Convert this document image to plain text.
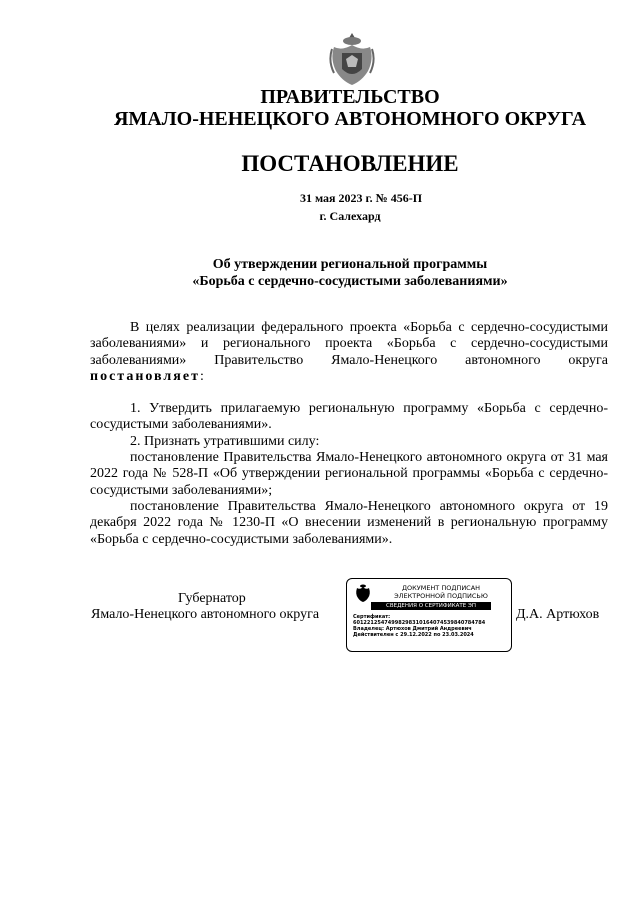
ПРАВИТЕЛЬСТВО
ЯМАЛО-НЕНЕЦКОГО АВТОНОМНОГО ОКРУГА
ПОСТАНОВЛЕНИЕ
31 мая 2023 г. № 456-П
г. Салехард
Об утверждении региональной программы
«Борьба с сердечно-сосудистыми заболеваниями»

В целях реализации федерального проекта «Борьба с сердечно-сосудистыми заболеваниями» и регионального проекта «Борьба с сердечно-сосудистыми заболеваниями» Правительство Ямало-Ненецкого автономного округа постановляет:

1. Утвердить прилагаемую региональную программу «Борьба с сердечно-сосудистыми заболеваниями».

2. Признать утратившими силу:

постановление Правительства Ямало-Ненецкого автономного округа от 31 мая 2022 года № 528-П «Об утверждении региональной программы «Борьба с сердечно-сосудистыми заболеваниями»;

постановление Правительства Ямало-Ненецкого автономного округа от 19 декабря 2022 года № 1230-П «О внесении изменений в региональную программу «Борьба с сердечно-сосудистыми заболеваниями».

Губернатор
Ямало-Ненецкого автономного округа	Д.А. Артюхов
ДОКУМЕНТ ПОДПИСАН
ЭЛЕКТРОННОЙ ПОДПИСЬЮ
СВЕДЕНИЯ О СЕРТИФИКАТЕ ЭП
Сертификат:
6012212547499829831016407453984078478​4
Владелец: Артюхов Дмитрий Андреевич
Действителен с 29.12.2022 по 23.03.2024
